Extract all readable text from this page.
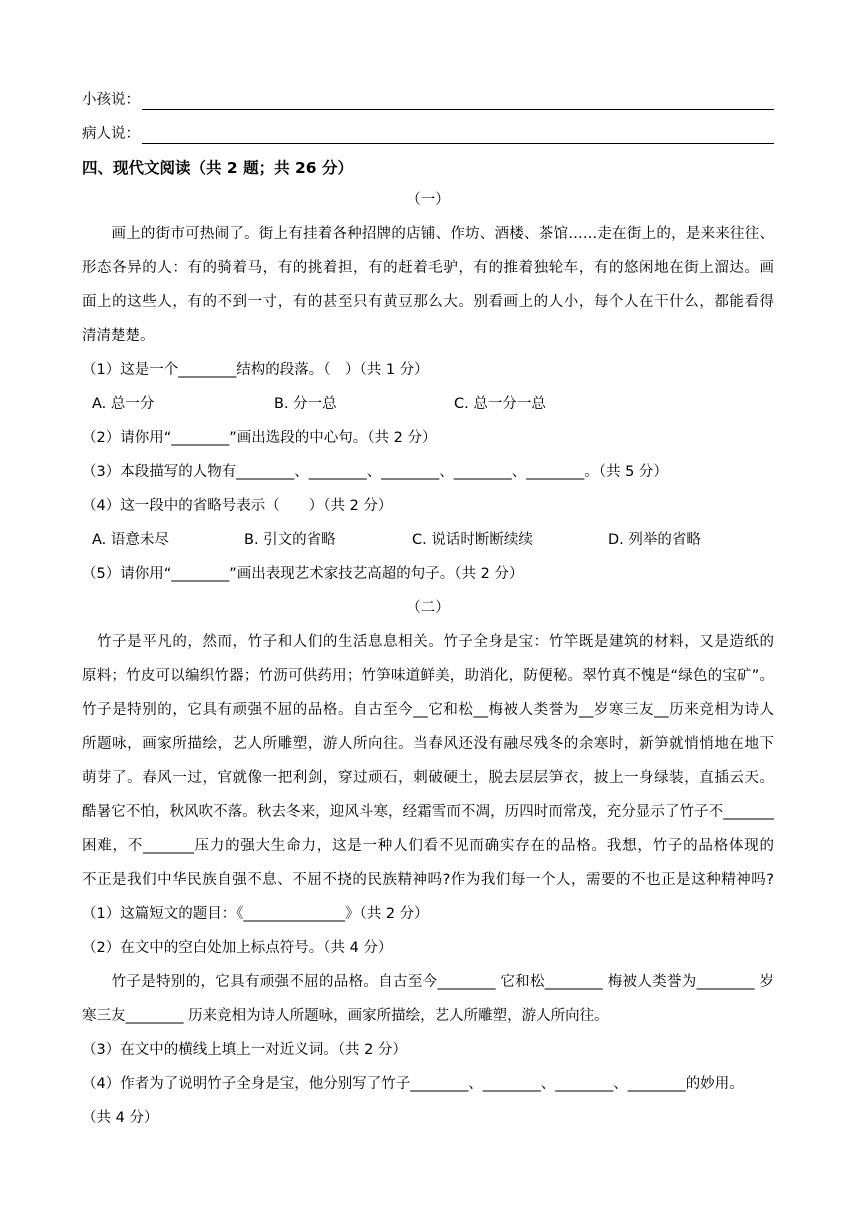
小孩说：
病人说：
四、现代文阅读（共 2 题；共 26 分）
（一）
　　画上的街市可热闹了。街上有挂着各种招牌的店铺、作坊、酒楼、茶馆……走在街上的，是来来往往、
形态各异的人：有的骑着马，有的挑着担，有的赶着毛驴，有的推着独轮车，有的悠闲地在街上溜达。画
面上的这些人，有的不到一寸，有的甚至只有黄豆那么大。别看画上的人小，每个人在干什么，都能看得
清清楚楚。
（1）这是一个________结构的段落。（　）（共 1 分）
A. 总一分	B. 分一总	C. 总一分一总
（2）请你用“________”画出选段的中心句。（共 2 分）
（3）本段描写的人物有________、________、________、________、________。（共 5 分）
（4）这一段中的省略号表示（　　）（共 2 分）
A. 语意未尽	B. 引文的省略	C. 说话时断断续续	D. 列举的省略
（5）请你用“________”画出表现艺术家技艺高超的句子。（共 2 分）
（二）
　竹子是平凡的，然而，竹子和人们的生活息息相关。竹子全身是宝：竹竿既是建筑的材料，又是造纸的
原料；竹皮可以编织竹器；竹沥可供药用；竹笋味道鲜美，助消化，防便秘。翠竹真不愧是“绿色的宝矿”。
竹子是特别的，它具有顽强不屈的品格。自古至今__它和松__梅被人类誉为__岁寒三友__历来竞相为诗人
所题咏，画家所描绘，艺人所雕塑，游人所向往。当春风还没有融尽残冬的余寒时，新笋就悄悄地在地下
萌芽了。春风一过，官就像一把利剑，穿过顽石，刺破硬土，脱去层层笋衣，披上一身绿装，直插云天。
酷暑它不怕，秋风吹不落。秋去冬来，迎风斗寒，经霜雪而不凋，历四时而常茂，充分显示了竹子不_______
困难，不_______压力的强大生命力，这是一种人们看不见而确实存在的品格。我想，竹子的品格体现的
不正是我们中华民族自强不息、不屈不挠的民族精神吗?作为我们每一个人，需要的不也正是这种精神吗?
（1）这篇短文的题目：《______________》（共 2 分）
（2）在文中的空白处加上标点符号。（共 4 分）
　　竹子是特别的，它具有顽强不屈的品格。自古至今________ 它和松________ 梅被人类誉为________ 岁
寒三友________ 历来竞相为诗人所题咏，画家所描绘，艺人所雕塑，游人所向往。
（3）在文中的横线上填上一对近义词。（共 2 分）
（4）作者为了说明竹子全身是宝，他分别写了竹子________、________、________、________的妙用。
（共 4 分）
